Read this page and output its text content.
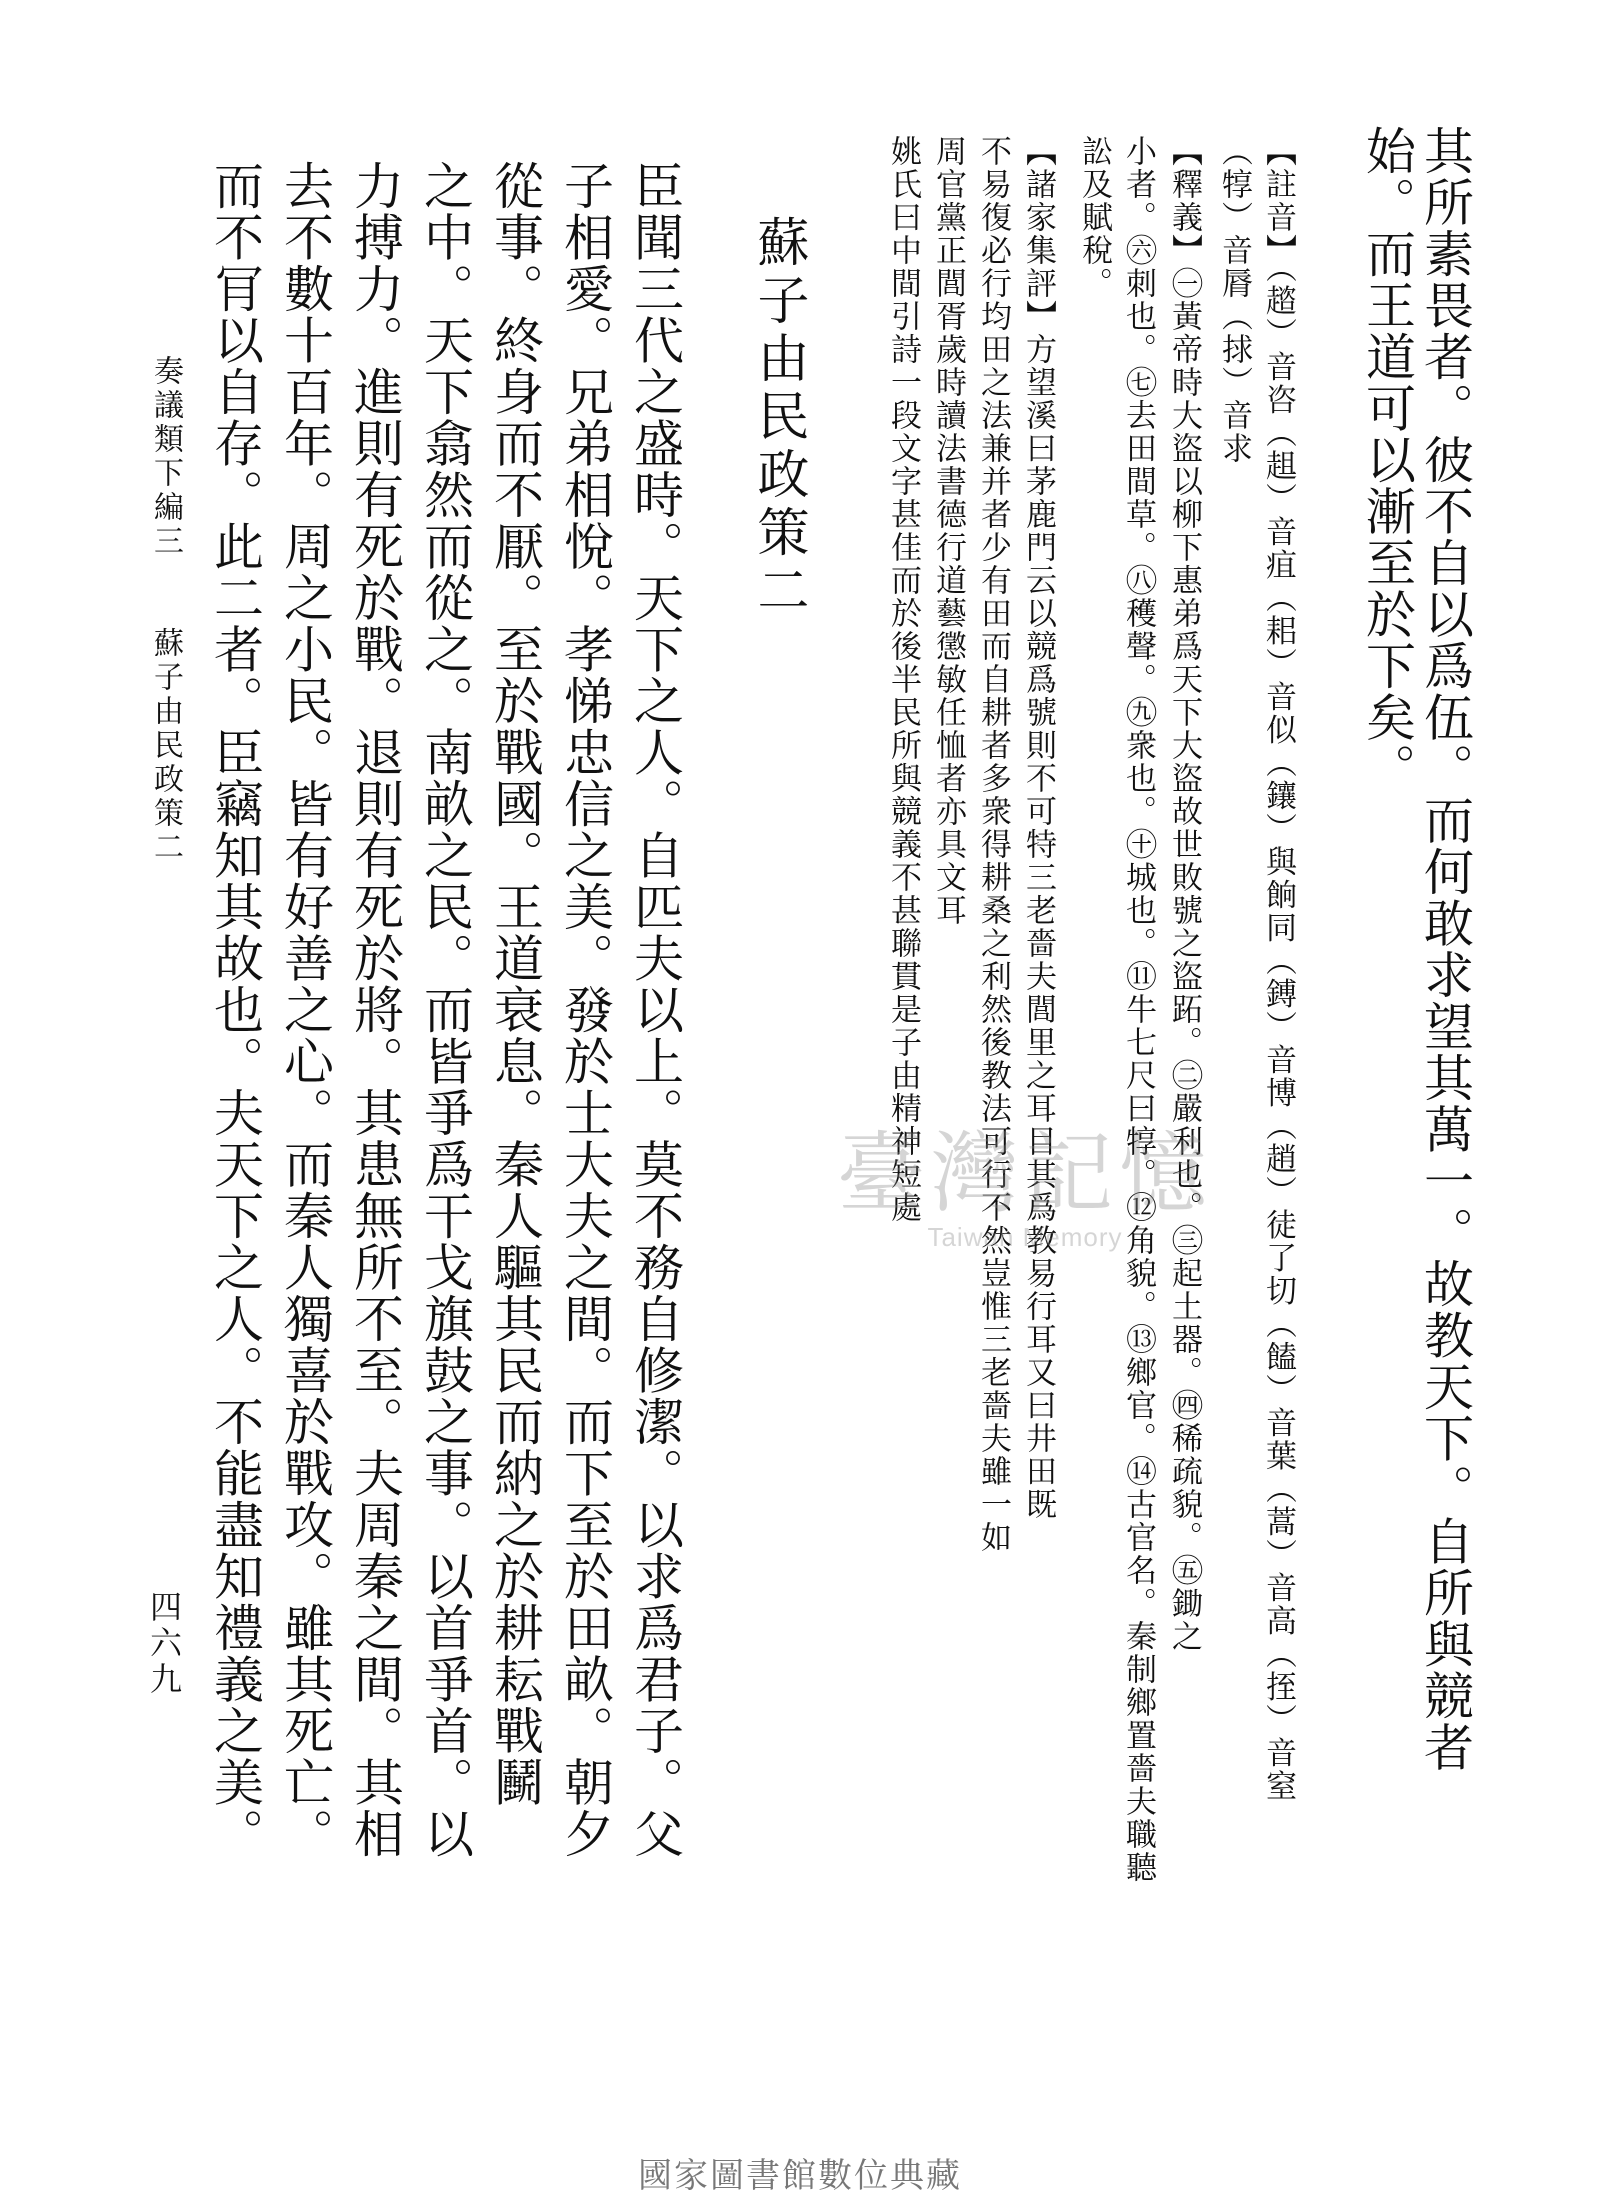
其所素畏者。彼不自以爲伍。而何敢求望其萬一。故教天下。自所與競者
始。而王道可以漸至於下矣。
【註音】（趦）音咨（趄）音疽（耜）音似（鑲）與餉同（鎛）音博（趙）徒了切（饁）音葉（蒿）音高（挃）音窒
（犉）音脣（捄）音求
【釋義】㊀黃帝時大盜以柳下惠弟爲天下大盜故世敗號之盜跖。㊁嚴利也。㊂起土器。㊃稀疏貌。㊄鋤之
小者。㊅刺也。㊆去田間草。㊇穫聲。㊈衆也。㊉城也。⑪牛七尺曰犉。⑫角貌。⑬鄉官。⑭古官名。秦制鄉置嗇夫職聽
訟及賦稅。
【諸家集評】方望溪曰茅鹿門云以競爲號則不可特三老嗇夫閭里之耳目其爲教易行耳又曰井田既
不易復必行均田之法兼并者少有田而自耕者多衆得耕桑之利然後教法可行不然豈惟三老嗇夫雖一如
周官黨正閭胥歲時讀法書德行道藝懲敏任恤者亦具文耳
姚氏曰中間引詩一段文字甚佳而於後半民所與競義不甚聯貫是子由精神短處
蘇子由民政策二
臣聞三代之盛時。天下之人。自匹夫以上。莫不務自修潔。以求爲君子。父
子相愛。兄弟相悅。孝悌忠信之美。發於士大夫之間。而下至於田畝。朝夕
從事。終身而不厭。至於戰國。王道衰息。秦人驅其民而納之於耕耘戰鬭
之中。天下翕然而從之。南畝之民。而皆爭爲干戈旗鼓之事。以首爭首。以
力搏力。進則有死於戰。退則有死於將。其患無所不至。夫周秦之間。其相
去不數十百年。周之小民。皆有好善之心。而秦人獨喜於戰攻。雖其死亡。
而不肎以自存。此二者。臣竊知其故也。夫天下之人。不能盡知禮義之美。
奏議類下編三　　蘇子由民政策二
四六九
臺灣記憶
Taiwan Memory
國家圖書館數位典藏
